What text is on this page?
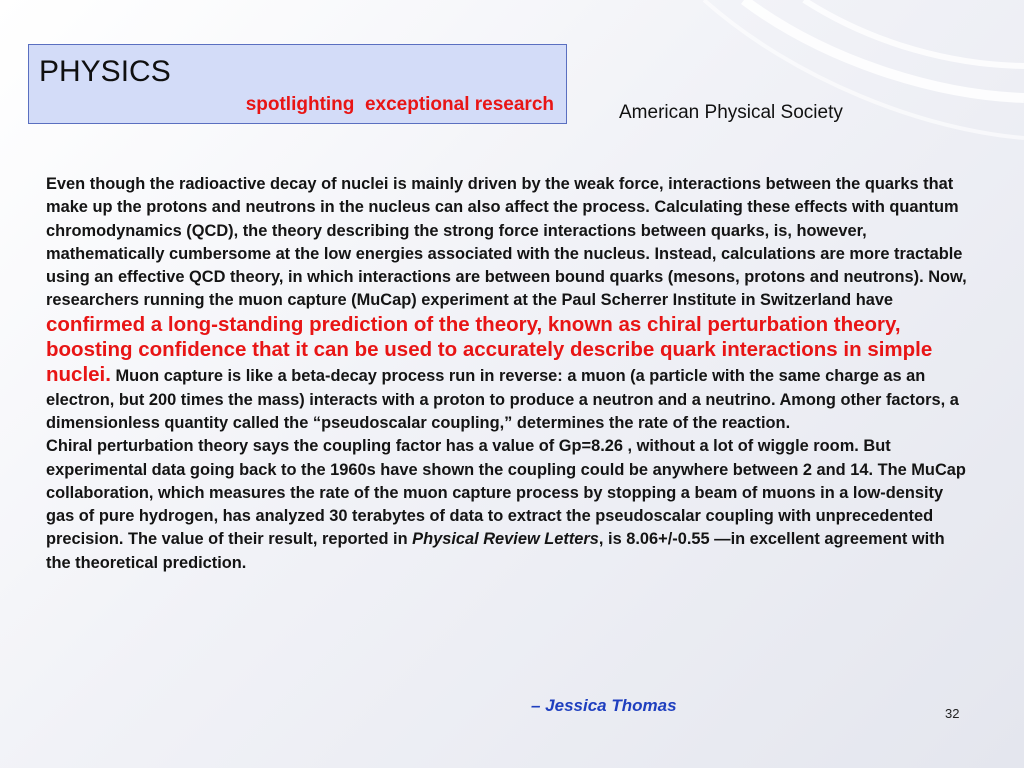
PHYSICS
spotlighting  exceptional research	American Physical Society

Even though the radioactive decay of nuclei is mainly driven by the weak force, interactions between the quarks that make up the protons and neutrons in the nucleus can also affect the process. Calculating these effects with quantum chromodynamics (QCD), the theory describing the strong force interactions between quarks, is, however, mathematically cumbersome at the low energies associated with the nucleus. Instead, calculations are more tractable using an effective QCD theory, in which interactions are between bound quarks (mesons, protons and neutrons). Now, researchers running the muon capture (MuCap) experiment at the Paul Scherrer Institute in Switzerland have confirmed a long-standing prediction of the theory, known as chiral perturbation theory, boosting confidence that it can be used to accurately describe quark interactions in simple nuclei. Muon capture is like a beta-decay process run in reverse: a muon (a particle with the same charge as an electron, but 200 times the mass) interacts with a proton to produce a neutron and a neutrino. Among other factors, a dimensionless quantity called the “pseudoscalar coupling,” determines the rate of the reaction.

Chiral perturbation theory says the coupling factor has a value of Gp=8.26 , without a lot of wiggle room. But experimental data going back to the 1960s have shown the coupling could be anywhere between 2 and 14. The MuCap collaboration, which measures the rate of the muon capture process by stopping a beam of muons in a low-density gas of pure hydrogen, has analyzed 30 terabytes of data to extract the pseudoscalar coupling with unprecedented precision. The value of their result, reported in Physical Review Letters, is 8.06+/-0.55 —in excellent agreement with the theoretical prediction.

– Jessica Thomas	32
